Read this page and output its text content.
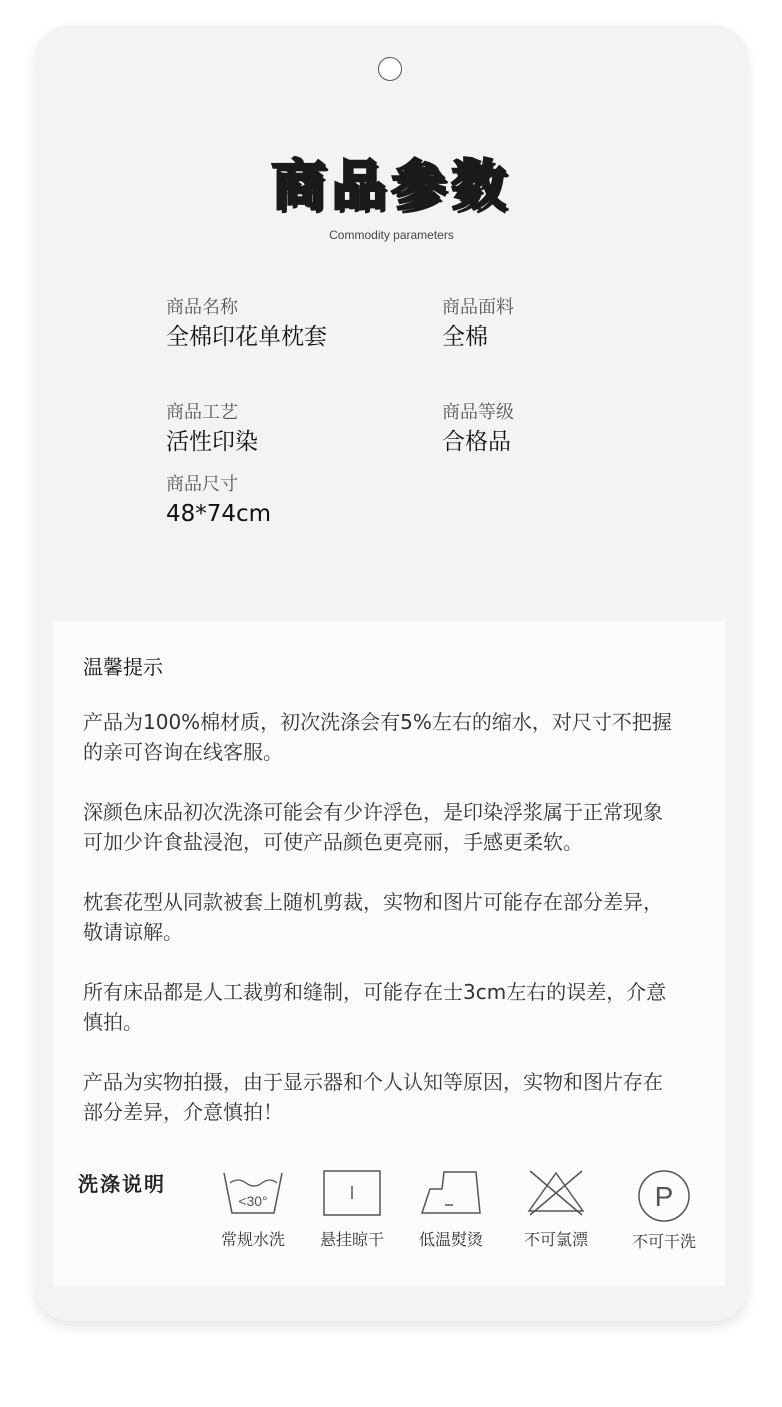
商品参数
Commodity parameters
商品名称
全棉印花单枕套
商品面料
全棉
商品工艺
活性印染
商品等级
合格品
商品尺寸
48*74cm
温馨提示
产品为100%棉材质，初次洗涤会有5%左右的缩水，对尺寸不把握
的亲可咨询在线客服。
深颜色床品初次洗涤可能会有少许浮色，是印染浮浆属于正常现象
可加少许食盐浸泡，可使产品颜色更亮丽，手感更柔软。
枕套花型从同款被套上随机剪裁，实物和图片可能存在部分差异，
敬请谅解。
所有床品都是人工裁剪和缝制，可能存在士3cm左右的误差，介意
慎拍。
产品为实物拍摄，由于显示器和个人认知等原因，实物和图片存在
部分差异，介意慎拍！
洗涤说明
<30°
常规水洗	悬挂晾干	低温熨烫	不可氯漂
P
不可干洗
